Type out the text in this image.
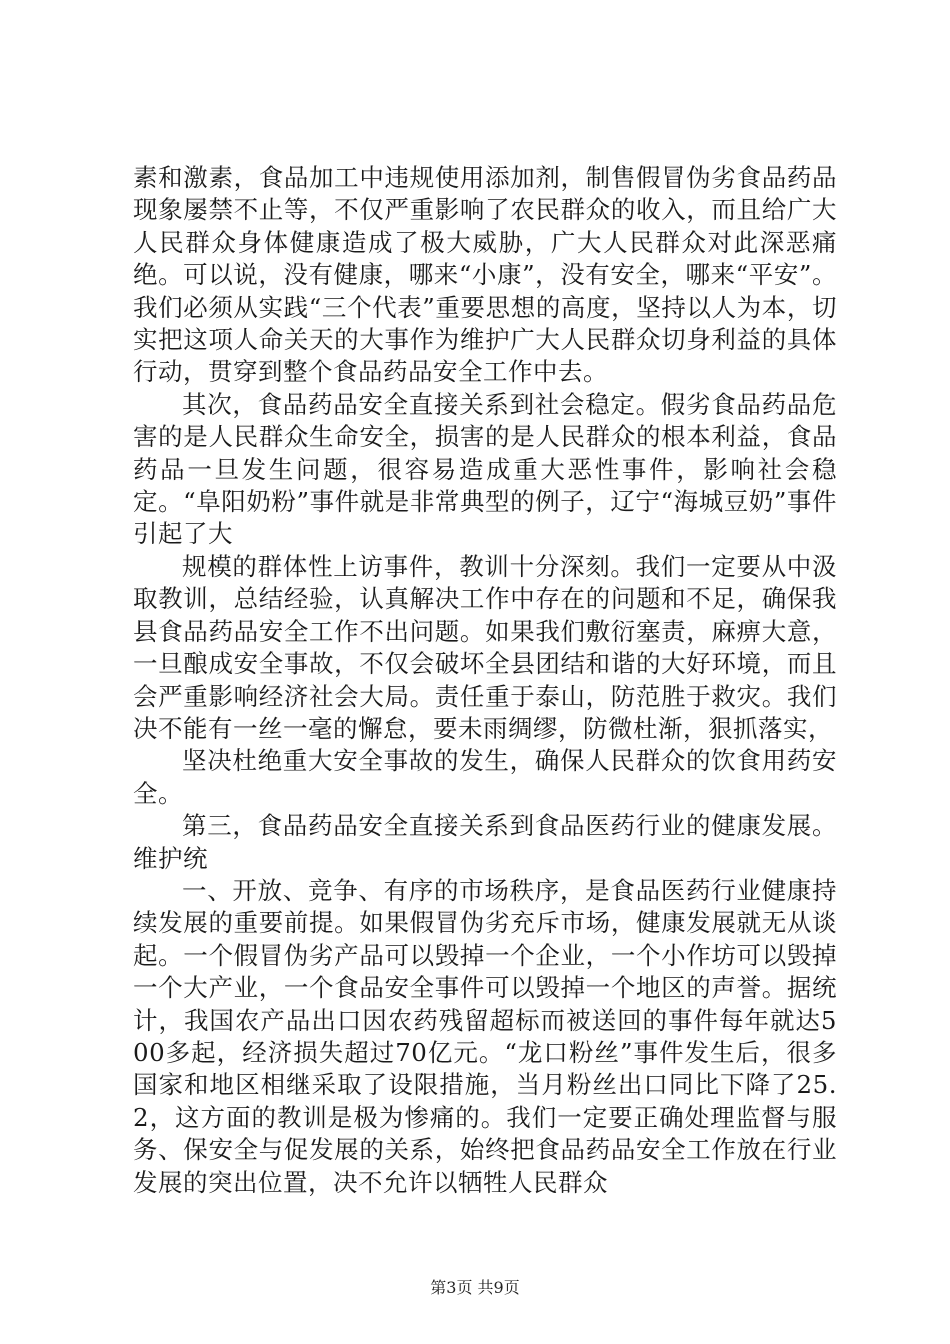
素和激素，食品加工中违规使用添加剂，制售假冒伪劣食品药品现象屡禁不止等，不仅严重影响了农民群众的收入，而且给广大人民群众身体健康造成了极大威胁，广大人民群众对此深恶痛绝。可以说，没有健康，哪来“小康”，没有安全，哪来“平安”。我们必须从实践“三个代表”重要思想的高度，坚持以人为本，切实把这项人命关天的大事作为维护广大人民群众切身利益的具体行动，贯穿到整个食品药品安全工作中去。

其次，食品药品安全直接关系到社会稳定。假劣食品药品危害的是人民群众生命安全，损害的是人民群众的根本利益，食品药品一旦发生问题，很容易造成重大恶性事件，影响社会稳定。“阜阳奶粉”事件就是非常典型的例子，辽宁“海城豆奶”事件引起了大

规模的群体性上访事件，教训十分深刻。我们一定要从中汲取教训，总结经验，认真解决工作中存在的问题和不足，确保我县食品药品安全工作不出问题。如果我们敷衍塞责，麻痹大意，一旦酿成安全事故，不仅会破坏全县团结和谐的大好环境，而且会严重影响经济社会大局。责任重于泰山，防范胜于救灾。我们决不能有一丝一毫的懈怠，要未雨绸缪，防微杜渐，狠抓落实，

坚决杜绝重大安全事故的发生，确保人民群众的饮食用药安全。

第三，食品药品安全直接关系到食品医药行业的健康发展。维护统

一、开放、竞争、有序的市场秩序，是食品医药行业健康持续发展的重要前提。如果假冒伪劣充斥市场，健康发展就无从谈起。一个假冒伪劣产品可以毁掉一个企业，一个小作坊可以毁掉一个大产业，一个食品安全事件可以毁掉一个地区的声誉。据统计，我国农产品出口因农药残留超标而被送回的事件每年就达500多起，经济损失超过70亿元。“龙口粉丝”事件发生后，很多国家和地区相继采取了设限措施，当月粉丝出口同比下降了25.2，这方面的教训是极为惨痛的。我们一定要正确处理监督与服务、保安全与促发展的关系，始终把食品药品安全工作放在行业发展的突出位置，决不允许以牺牲人民群众

第3页 共9页
